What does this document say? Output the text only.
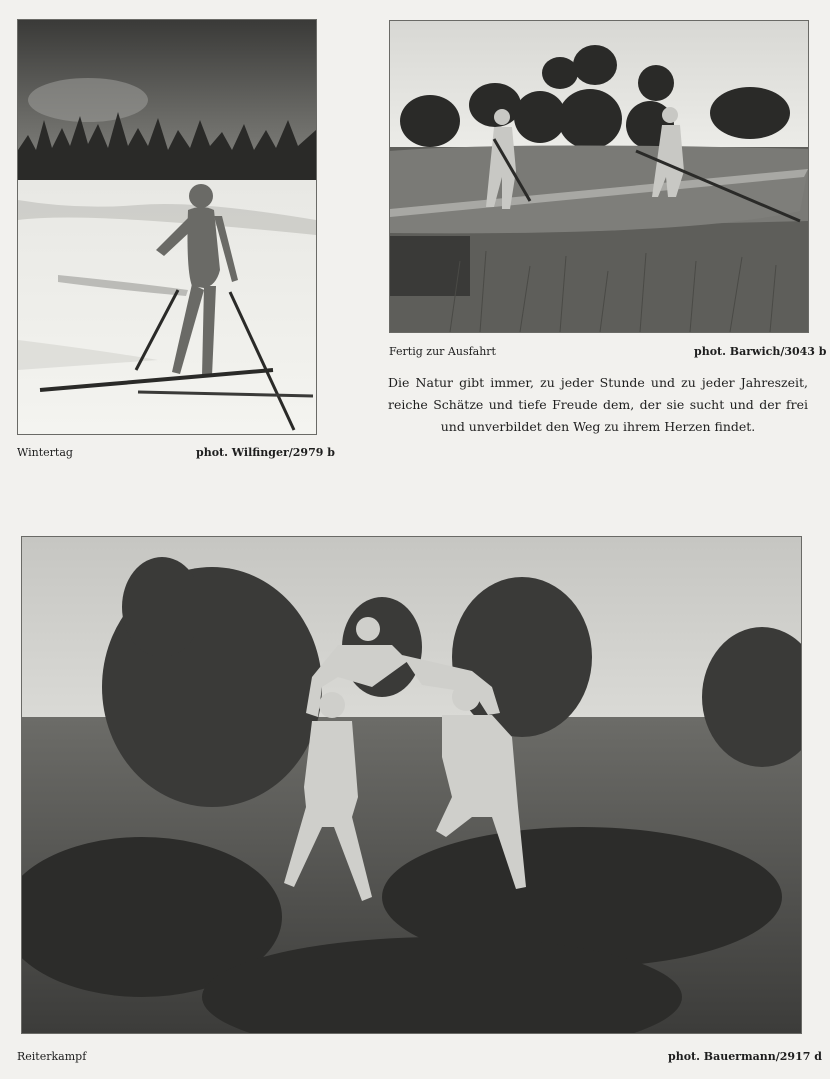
Wintertag	phot. Wilfinger/2979 b
Fertig zur Ausfahrt	phot. Barwich/3043 b
Die Natur gibt immer, zu jeder Stunde und zu jeder Jahreszeit, reiche Schätze und tiefe Freude dem, der sie sucht und der frei und unverbildet den Weg zu ihrem Herzen findet.
Reiterkampf	phot. Bauermann/2917 d
